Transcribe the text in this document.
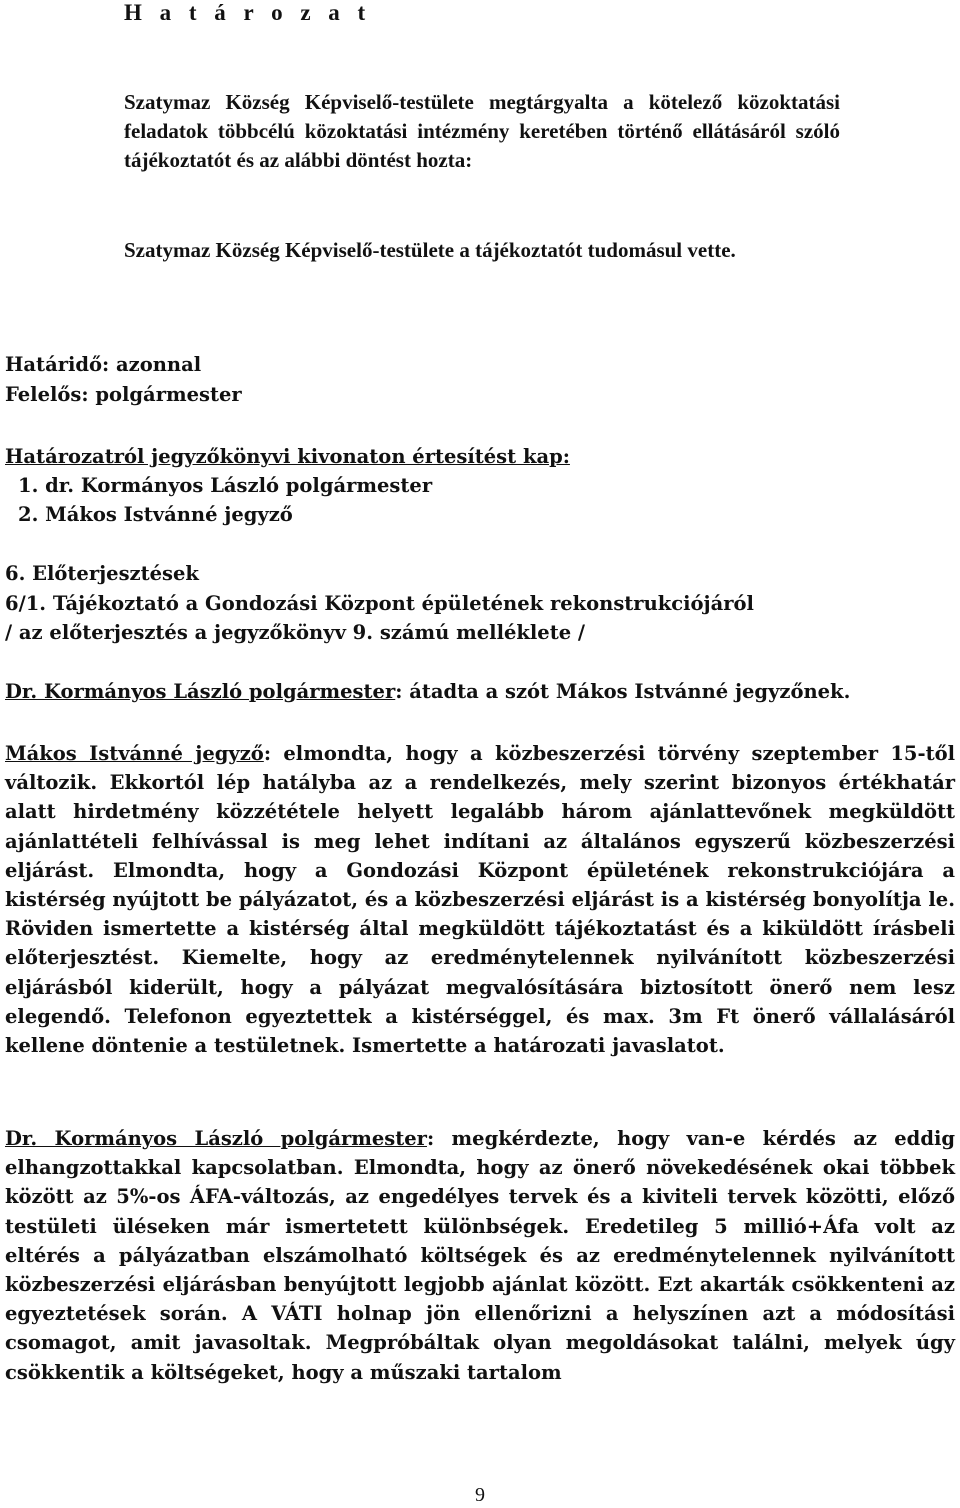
H a t á r o z a t
Szatymaz Község Képviselő-testülete megtárgyalta a kötelező közoktatási feladatok többcélú közoktatási intézmény keretében történő ellátásáról szóló tájékoztatót és az alábbi döntést hozta:
Szatymaz Község Képviselő-testülete a tájékoztatót tudomásul vette.
Határidő: azonnal
Felelős: polgármester
Határozatról jegyzőkönyvi kivonaton értesítést kap:
1. dr. Kormányos László polgármester
2. Mákos Istvánné jegyző
6. Előterjesztések
6/1. Tájékoztató a Gondozási Központ épületének rekonstrukciójáról
/ az előterjesztés a jegyzőkönyv 9. számú melléklete /
Dr. Kormányos László polgármester: átadta a szót Mákos Istvánné jegyzőnek.
Mákos Istvánné jegyző: elmondta, hogy a közbeszerzési törvény szeptember 15-től változik. Ekkortól lép hatályba az a rendelkezés, mely szerint bizonyos értékhatár alatt hirdetmény közzététele helyett legalább három ajánlattevőnek megküldött ajánlattételi felhívással is meg lehet indítani az általános egyszerű közbeszerzési eljárást. Elmondta, hogy a Gondozási Központ épületének rekonstrukciójára a kistérség nyújtott be pályázatot, és a közbeszerzési eljárást is a kistérség bonyolítja le. Röviden ismertette a kistérség által megküldött tájékoztatást és a kiküldött írásbeli előterjesztést. Kiemelte, hogy az eredménytelennek nyilvánított közbeszerzési eljárásból kiderült, hogy a pályázat megvalósítására biztosított önerő nem lesz elegendő. Telefonon egyeztettek a kistérséggel, és max. 3m Ft önerő vállalásáról kellene döntenie a testületnek. Ismertette a határozati javaslatot.
Dr. Kormányos László polgármester: megkérdezte, hogy van-e kérdés az eddig elhangzottakkal kapcsolatban. Elmondta, hogy az önerő növekedésének okai többek között az 5%-os ÁFA-változás, az engedélyes tervek és a kiviteli tervek közötti, előző testületi üléseken már ismertetett különbségek. Eredetileg 5 millió+Áfa volt az eltérés a pályázatban elszámolható költségek és az eredménytelennek nyilvánított közbeszerzési eljárásban benyújtott legjobb ajánlat között. Ezt akarták csökkenteni az egyeztetések során. A VÁTI holnap jön ellenőrizni a helyszínen azt a módosítási csomagot, amit javasoltak. Megpróbáltak olyan megoldásokat találni, melyek úgy csökkentik a költségeket, hogy a műszaki tartalom
9
